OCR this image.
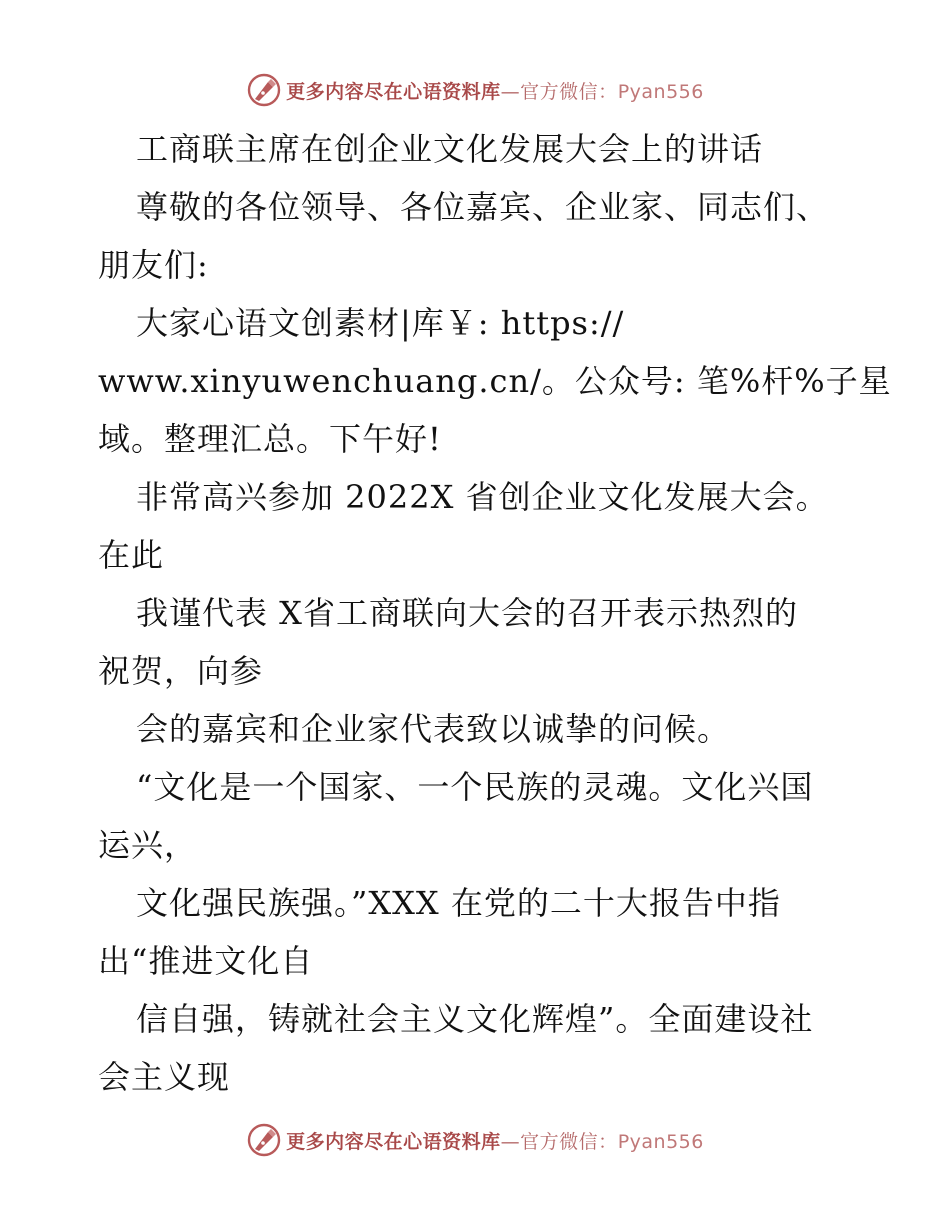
更多内容尽在心语资料库—官方微信：Pyan556
工商联主席在创企业文化发展大会上的讲话
尊敬的各位领导、各位嘉宾、企业家、同志们、
朋友们:
大家心语文创素材|库￥: https://
www.xinyuwenchuang.cn/。公众号: 笔%杆%子星
域。整理汇总。下午好!
非常高兴参加 2022X 省创企业文化发展大会。
在此
我谨代表 X省工商联向大会的召开表示热烈的
祝贺，向参
会的嘉宾和企业家代表致以诚挚的问候。
“文化是一个国家、一个民族的灵魂。文化兴国
运兴，
文化强民族强。”XXX 在党的二十大报告中指
出“推进文化自
信自强，铸就社会主义文化辉煌”。全面建设社
会主义现
更多内容尽在心语资料库—官方微信：Pyan556
